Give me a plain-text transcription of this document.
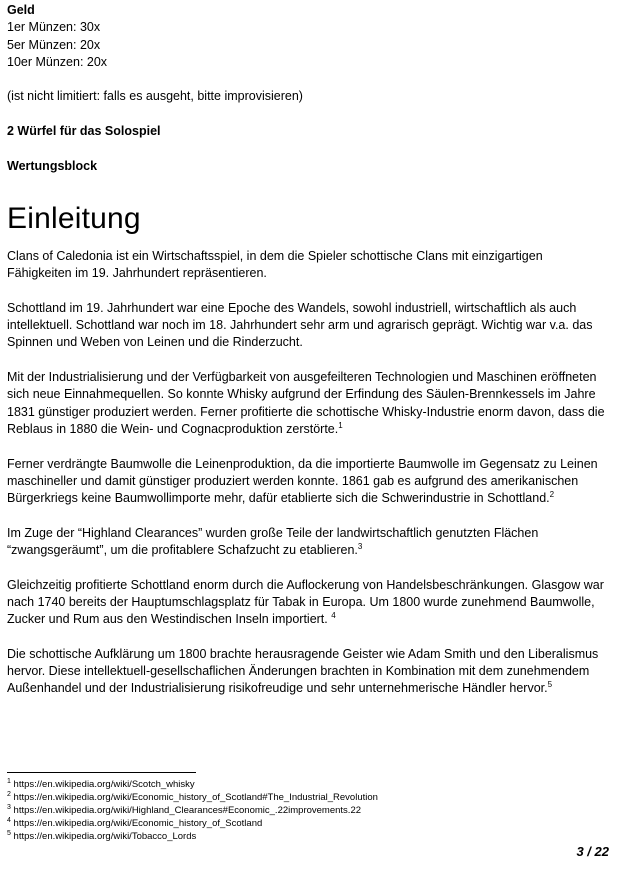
Geld
1er Münzen: 30x
5er Münzen: 20x
10er Münzen: 20x
(ist nicht limitiert: falls es ausgeht, bitte improvisieren)
2 Würfel für das Solospiel
Wertungsblock
Einleitung

Clans of Caledonia ist ein Wirtschaftsspiel, in dem die Spieler schottische Clans mit einzigartigen Fähigkeiten im 19. Jahrhundert repräsentieren.

Schottland im 19. Jahrhundert war eine Epoche des Wandels, sowohl industriell, wirtschaftlich als auch intellektuell. Schottland war noch im 18. Jahrhundert sehr arm und agrarisch geprägt. Wichtig war v.a. das Spinnen und Weben von Leinen und die Rinderzucht.

Mit der Industrialisierung und der Verfügbarkeit von ausgefeilteren Technologien und Maschinen eröffneten sich neue Einnahmequellen. So konnte Whisky aufgrund der Erfindung des Säulen-Brennkessels im Jahre 1831 günstiger produziert werden. Ferner profitierte die schottische Whisky-Industrie enorm davon, dass die Reblaus in 1880 die Wein- und Cognacproduktion zerstörte.$^1$

Ferner verdrängte Baumwolle die Leinenproduktion, da die importierte Baumwolle im Gegensatz zu Leinen maschineller und damit günstiger produziert werden konnte. 1861 gab es aufgrund des amerikanischen Bürgerkriegs keine Baumwollimporte mehr, dafür etablierte sich die Schwerindustrie in Schottland.$^2$

Im Zuge der “Highland Clearances” wurden große Teile der landwirtschaftlich genutzten Flächen “zwangsgeräumt”, um die profitablere Schafzucht zu etablieren.$^3$

Gleichzeitig profitierte Schottland enorm durch die Auflockerung von Handelsbeschränkungen. Glasgow war nach 1740 bereits der Hauptumschlagsplatz für Tabak in Europa. Um 1800 wurde zunehmend Baumwolle, Zucker und Rum aus den Westindischen Inseln importiert. $^4$

Die schottische Aufklärung um 1800 brachte herausragende Geister wie Adam Smith und den Liberalismus hervor. Diese intellektuell-gesellschaflichen Änderungen brachten in Kombination mit dem zunehmendem Außenhandel und der Industrialisierung risikofreudige und sehr unternehmerische Händler hervor.$^5$

$^1$ https://en.wikipedia.org/wiki/Scotch_whisky
$^2$ https://en.wikipedia.org/wiki/Economic_history_of_Scotland#The_Industrial_Revolution
$^3$ https://en.wikipedia.org/wiki/Highland_Clearances#Economic_.22improvements.22
$^4$ https://en.wikipedia.org/wiki/Economic_history_of_Scotland
$^5$ https://en.wikipedia.org/wiki/Tobacco_Lords
3 / 22
